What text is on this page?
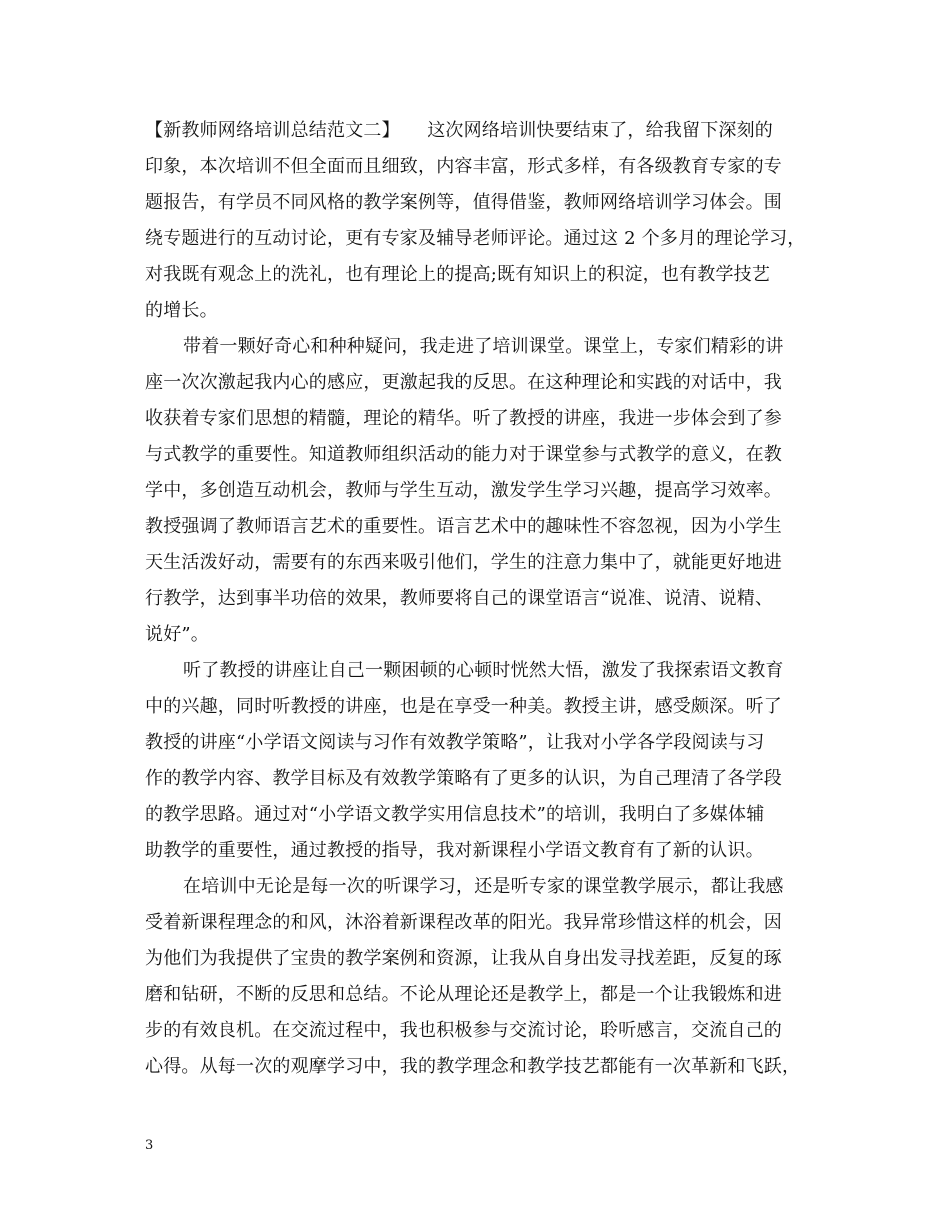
【新教师网络培训总结范文二】　　这次网络培训快要结束了，给我留下深刻的
印象，本次培训不但全面而且细致，内容丰富，形式多样，有各级教育专家的专
题报告，有学员不同风格的教学案例等，值得借鉴，教师网络培训学习体会。围
绕专题进行的互动讨论，更有专家及辅导老师评论。通过这 2 个多月的理论学习，
对我既有观念上的洗礼，也有理论上的提高;既有知识上的积淀，也有教学技艺
的增长。
带着一颗好奇心和种种疑问，我走进了培训课堂。课堂上，专家们精彩的讲
座一次次激起我内心的感应，更激起我的反思。在这种理论和实践的对话中，我
收获着专家们思想的精髓，理论的精华。听了教授的讲座，我进一步体会到了参
与式教学的重要性。知道教师组织活动的能力对于课堂参与式教学的意义，在教
学中，多创造互动机会，教师与学生互动，激发学生学习兴趣，提高学习效率。
教授强调了教师语言艺术的重要性。语言艺术中的趣味性不容忽视，因为小学生
天生活泼好动，需要有的东西来吸引他们，学生的注意力集中了，就能更好地进
行教学，达到事半功倍的效果，教师要将自己的课堂语言“说准、说清、说精、
说好”。
听了教授的讲座让自己一颗困顿的心顿时恍然大悟，激发了我探索语文教育
中的兴趣，同时听教授的讲座，也是在享受一种美。教授主讲，感受颇深。听了
教授的讲座“小学语文阅读与习作有效教学策略”，让我对小学各学段阅读与习
作的教学内容、教学目标及有效教学策略有了更多的认识，为自己理清了各学段
的教学思路。通过对“小学语文教学实用信息技术”的培训，我明白了多媒体辅
助教学的重要性，通过教授的指导，我对新课程小学语文教育有了新的认识。
在培训中无论是每一次的听课学习，还是听专家的课堂教学展示，都让我感
受着新课程理念的和风，沐浴着新课程改革的阳光。我异常珍惜这样的机会，因
为他们为我提供了宝贵的教学案例和资源，让我从自身出发寻找差距，反复的琢
磨和钻研，不断的反思和总结。不论从理论还是教学上，都是一个让我锻炼和进
步的有效良机。在交流过程中，我也积极参与交流讨论，聆听感言，交流自己的
心得。从每一次的观摩学习中，我的教学理念和教学技艺都能有一次革新和飞跃，
3
